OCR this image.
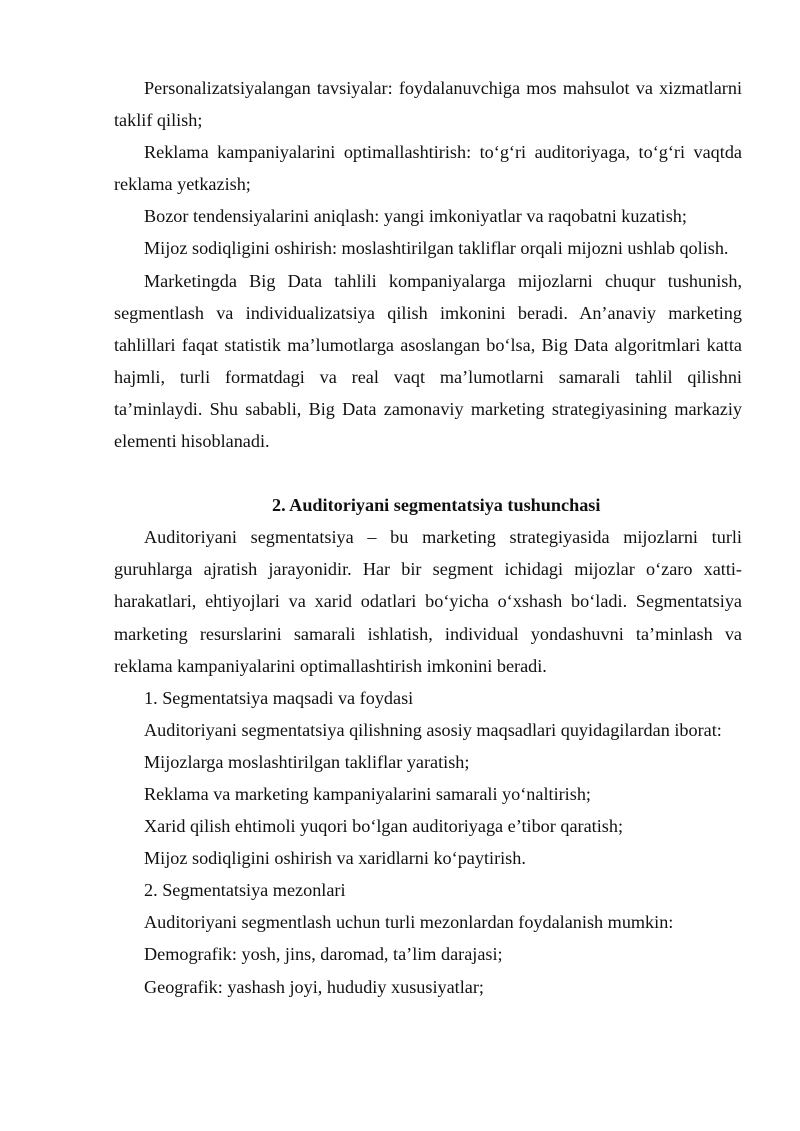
Personalizatsiyalangan tavsiyalar: foydalanuvchiga mos mahsulot va xizmatlarni taklif qilish;

Reklama kampaniyalarini optimallashtirish: to‘g‘ri auditoriyaga, to‘g‘ri vaqtda reklama yetkazish;

Bozor tendensiyalarini aniqlash: yangi imkoniyatlar va raqobatni kuzatish;

Mijoz sodiqligini oshirish: moslashtirilgan takliflar orqali mijozni ushlab qolish.

Marketingda Big Data tahlili kompaniyalarga mijozlarni chuqur tushunish, segmentlash va individualizatsiya qilish imkonini beradi. An’anaviy marketing tahlillari faqat statistik ma’lumotlarga asoslangan bo‘lsa, Big Data algoritmlari katta hajmli, turli formatdagi va real vaqt ma’lumotlarni samarali tahlil qilishni ta’minlaydi. Shu sababli, Big Data zamonaviy marketing strategiyasining markaziy elementi hisoblanadi.

2. Auditoriyani segmentatsiya tushunchasi

Auditoriyani segmentatsiya – bu marketing strategiyasida mijozlarni turli guruhlarga ajratish jarayonidir. Har bir segment ichidagi mijozlar o‘zaro xatti-harakatlari, ehtiyojlari va xarid odatlari bo‘yicha o‘xshash bo‘ladi. Segmentatsiya marketing resurslarini samarali ishlatish, individual yondashuvni ta’minlash va reklama kampaniyalarini optimallashtirish imkonini beradi.

1. Segmentatsiya maqsadi va foydasi

Auditoriyani segmentatsiya qilishning asosiy maqsadlari quyidagilardan iborat:

Mijozlarga moslashtirilgan takliflar yaratish;

Reklama va marketing kampaniyalarini samarali yo‘naltirish;

Xarid qilish ehtimoli yuqori bo‘lgan auditoriyaga e’tibor qaratish;

Mijoz sodiqligini oshirish va xaridlarni ko‘paytirish.

2. Segmentatsiya mezonlari

Auditoriyani segmentlash uchun turli mezonlardan foydalanish mumkin:

Demografik: yosh, jins, daromad, ta’lim darajasi;

Geografik: yashash joyi, hududiy xususiyatlar;
